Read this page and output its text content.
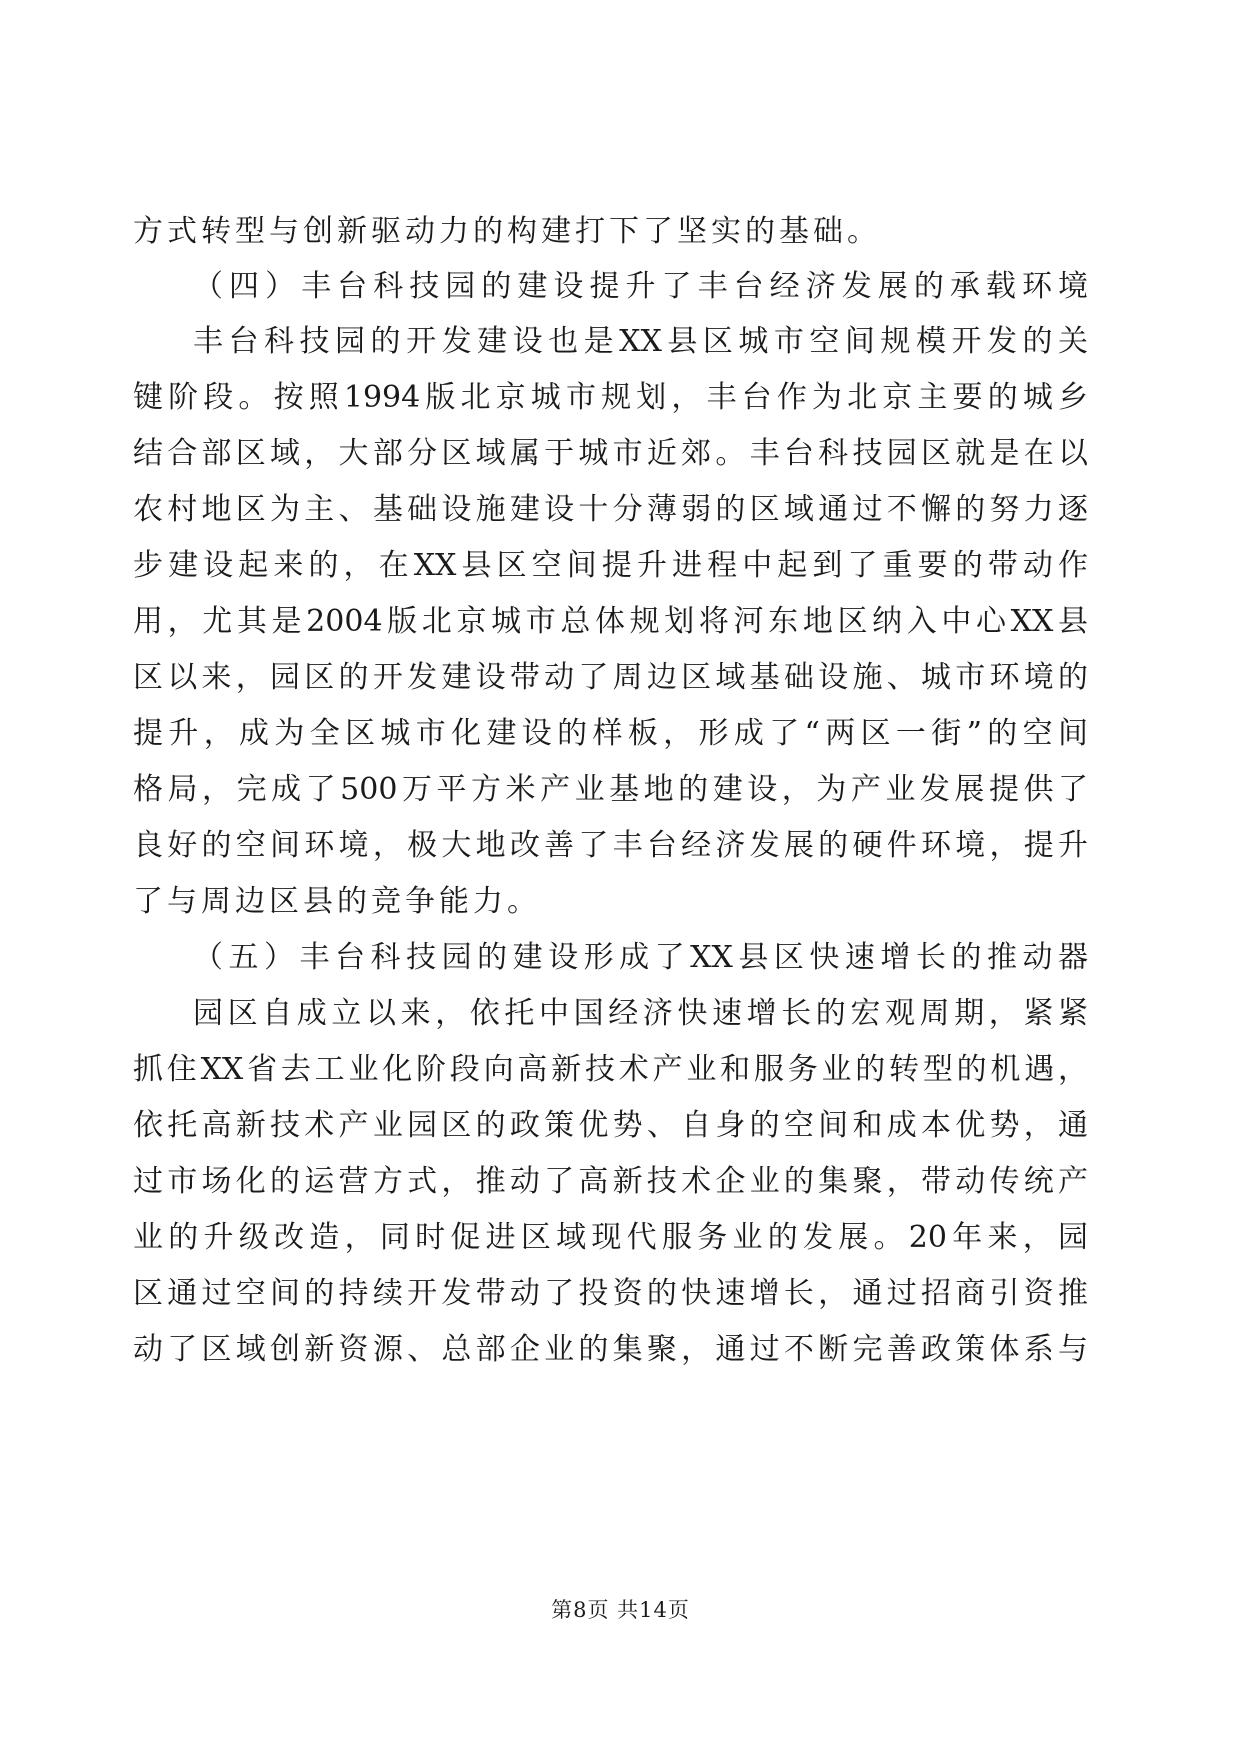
方式转型与创新驱动力的构建打下了坚实的基础。
（四）丰台科技园的建设提升了丰台经济发展的承载环境
丰台科技园的开发建设也是XX县区城市空间规模开发的关
键阶段。按照1994版北京城市规划，丰台作为北京主要的城乡
结合部区域，大部分区域属于城市近郊。丰台科技园区就是在以
农村地区为主、基础设施建设十分薄弱的区域通过不懈的努力逐
步建设起来的，在XX县区空间提升进程中起到了重要的带动作
用，尤其是2004版北京城市总体规划将河东地区纳入中心XX县
区以来，园区的开发建设带动了周边区域基础设施、城市环境的
提升，成为全区城市化建设的样板，形成了“两区一街”的空间
格局，完成了500万平方米产业基地的建设，为产业发展提供了
良好的空间环境，极大地改善了丰台经济发展的硬件环境，提升
了与周边区县的竞争能力。
（五）丰台科技园的建设形成了XX县区快速增长的推动器
园区自成立以来，依托中国经济快速增长的宏观周期，紧紧
抓住XX省去工业化阶段向高新技术产业和服务业的转型的机遇，
依托高新技术产业园区的政策优势、自身的空间和成本优势，通
过市场化的运营方式，推动了高新技术企业的集聚，带动传统产
业的升级改造，同时促进区域现代服务业的发展。20年来，园
区通过空间的持续开发带动了投资的快速增长，通过招商引资推
动了区域创新资源、总部企业的集聚，通过不断完善政策体系与
第8页 共14页
